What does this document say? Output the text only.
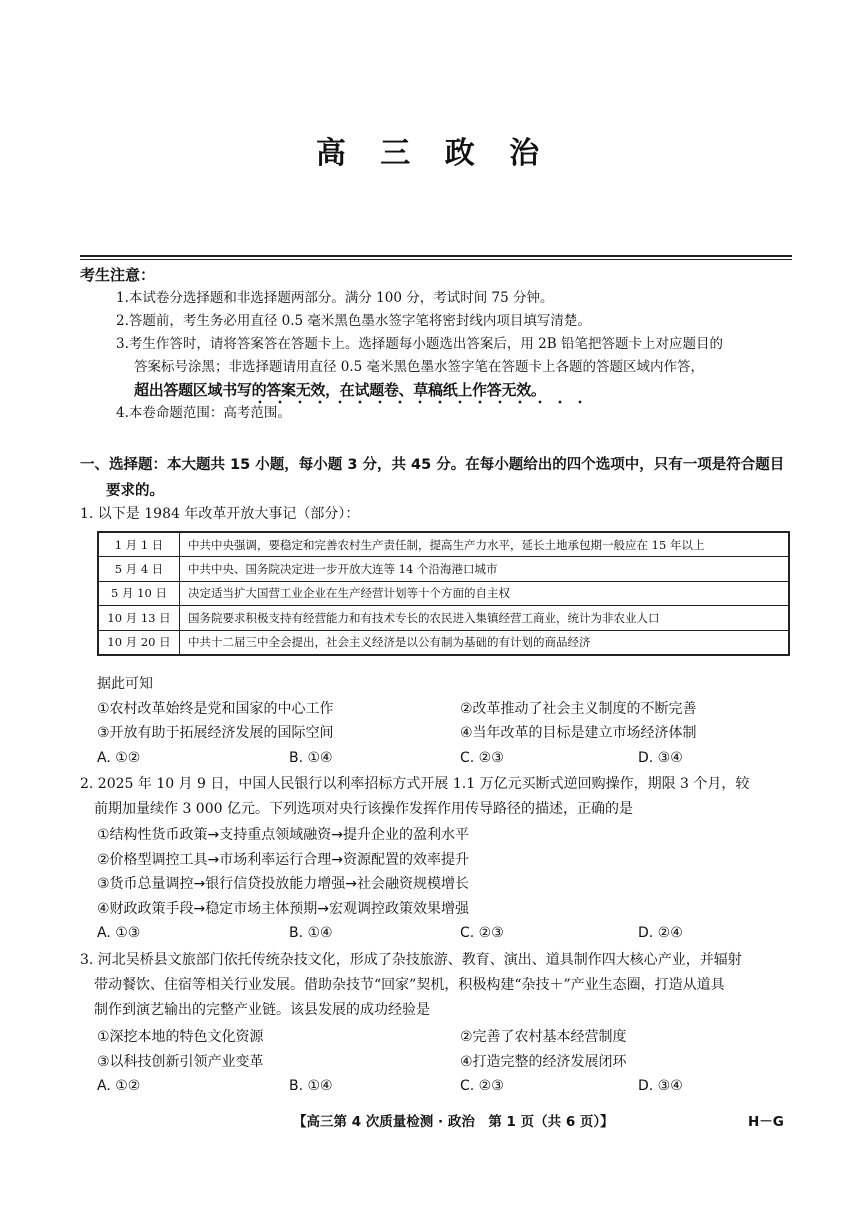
高 三 政 治
考生注意：
1.本试卷分选择题和非选择题两部分。满分 100 分，考试时间 75 分钟。
2.答题前，考生务必用直径 0.5 毫米黑色墨水签字笔将密封线内项目填写清楚。
3.考生作答时，请将答案答在答题卡上。选择题每小题选出答案后，用 2B 铅笔把答题卡上对应题目的
答案标号涂黑；非选择题请用直径 0.5 毫米黑色墨水签字笔在答题卡上各题的答题区域内作答，
超出答题区域书写的答案无效，在试题卷、草稿纸上作答无效。
4.本卷命题范围：高考范围。
一、选择题：本大题共 15 小题，每小题 3 分，共 45 分。在每小题给出的四个选项中，只有一项是符合题目
要求的。
1. 以下是 1984 年改革开放大事记（部分）：
1 月 1 日	中共中央强调，要稳定和完善农村生产责任制，提高生产力水平，延长土地承包期一般应在 15 年以上
5 月 4 日	中共中央、国务院决定进一步开放大连等 14 个沿海港口城市
5 月 10 日	决定适当扩大国营工业企业在生产经营计划等十个方面的自主权
10 月 13 日	国务院要求积极支持有经营能力和有技术专长的农民进入集镇经营工商业，统计为非农业人口
10 月 20 日	中共十二届三中全会提出，社会主义经济是以公有制为基础的有计划的商品经济
据此可知
①农村改革始终是党和国家的中心工作	②改革推动了社会主义制度的不断完善
③开放有助于拓展经济发展的国际空间	④当年改革的目标是建立市场经济体制
A. ①②	B. ①④	C. ②③	D. ③④
2. 2025 年 10 月 9 日，中国人民银行以利率招标方式开展 1.1 万亿元买断式逆回购操作，期限 3 个月，较
前期加量续作 3 000 亿元。下列选项对央行该操作发挥作用传导路径的描述，正确的是
①结构性货币政策→支持重点领域融资→提升企业的盈利水平
②价格型调控工具→市场利率运行合理→资源配置的效率提升
③货币总量调控→银行信贷投放能力增强→社会融资规模增长
④财政政策手段→稳定市场主体预期→宏观调控政策效果增强
A. ①③	B. ①④	C. ②③	D. ②④
3. 河北吴桥县文旅部门依托传统杂技文化，形成了杂技旅游、教育、演出、道具制作四大核心产业，并辐射
带动餐饮、住宿等相关行业发展。借助杂技节“回家”契机，积极构建“杂技＋”产业生态圈，打造从道具
制作到演艺输出的完整产业链。该县发展的成功经验是
①深挖本地的特色文化资源	②完善了农村基本经营制度
③以科技创新引领产业变革	④打造完整的经济发展闭环
A. ①②	B. ①④	C. ②③	D. ③④
【高三第 4 次质量检测 · 政治　第 1 页（共 6 页）】	H－G
